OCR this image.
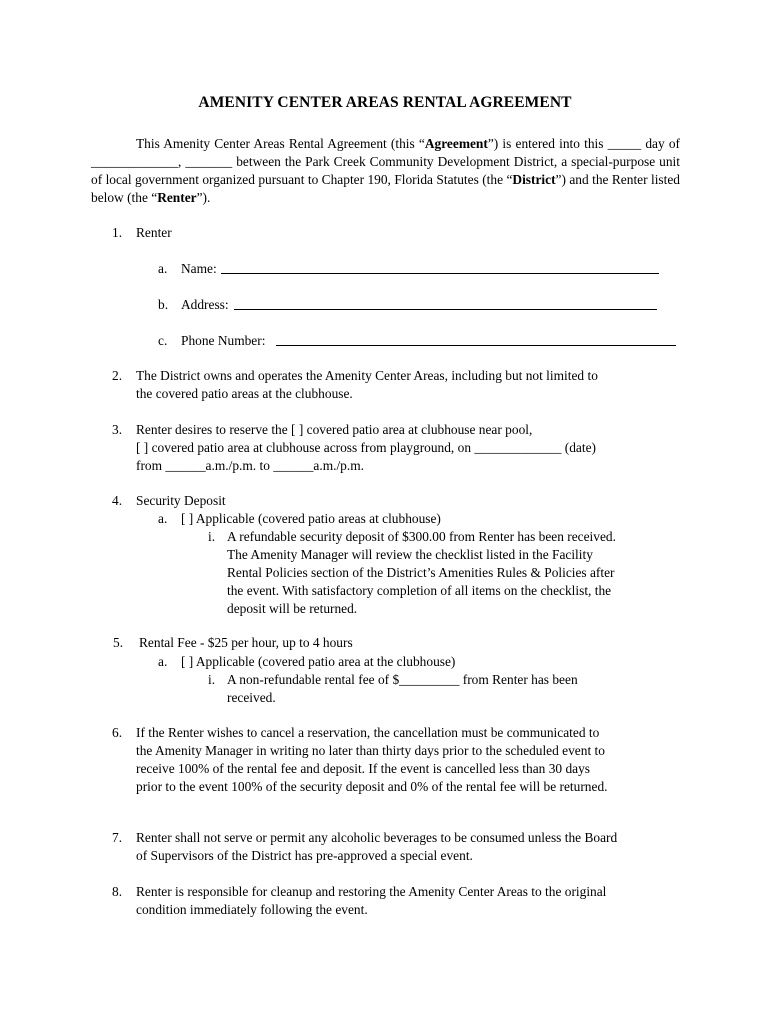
AMENITY CENTER AREAS RENTAL AGREEMENT
This Amenity Center Areas Rental Agreement (this “Agreement”) is entered into this _____ day of _____________, _______ between the Park Creek Community Development District, a special-purpose unit of local government organized pursuant to Chapter 190, Florida Statutes (the “District”) and the Renter listed below (the “Renter”).
1. Renter
a. Name:
b. Address:
c. Phone Number:
2. The District owns and operates the Amenity Center Areas, including but not limited to
the covered patio areas at the clubhouse.
3. Renter desires to reserve the [ ] covered patio area at clubhouse near pool,
[ ] covered patio area at clubhouse across from playground, on _____________ (date)
from ______a.m./p.m. to ______a.m./p.m.
4. Security Deposit
a. [ ] Applicable (covered patio areas at clubhouse)
i. A refundable security deposit of $300.00 from Renter has been received.
The Amenity Manager will review the checklist listed in the Facility
Rental Policies section of the District’s Amenities Rules & Policies after
the event. With satisfactory completion of all items on the checklist, the
deposit will be returned.
5. Rental Fee - $25 per hour, up to 4 hours
a. [ ] Applicable (covered patio area at the clubhouse)
i. A non-refundable rental fee of $_________ from Renter has been
received.
6. If the Renter wishes to cancel a reservation, the cancellation must be communicated to
the Amenity Manager in writing no later than thirty days prior to the scheduled event to
receive 100% of the rental fee and deposit. If the event is cancelled less than 30 days
prior to the event 100% of the security deposit and 0% of the rental fee will be returned.
7. Renter shall not serve or permit any alcoholic beverages to be consumed unless the Board
of Supervisors of the District has pre-approved a special event.
8. Renter is responsible for cleanup and restoring the Amenity Center Areas to the original
condition immediately following the event.
